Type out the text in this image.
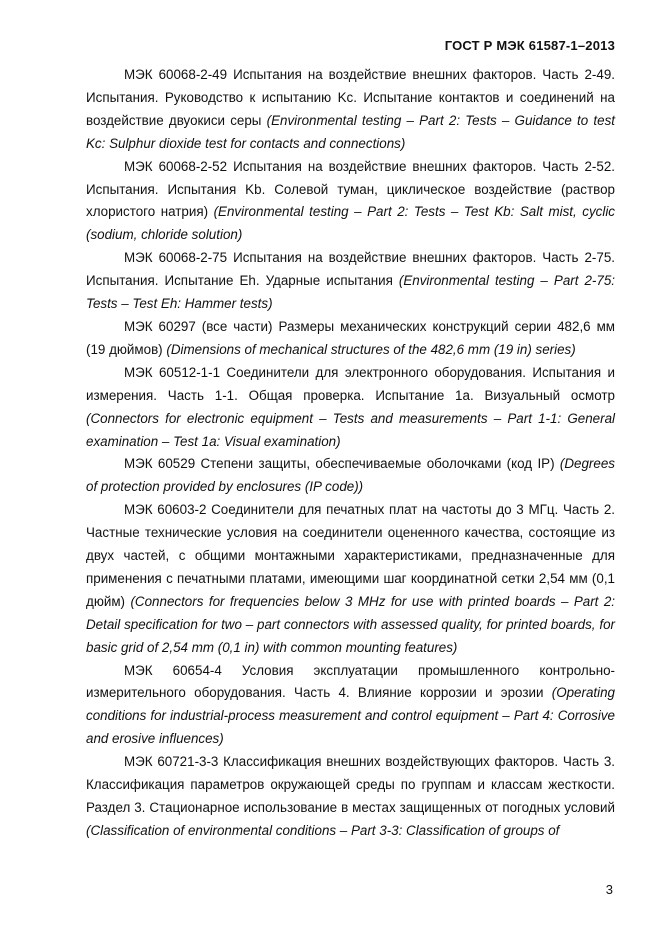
ГОСТ Р МЭК 61587-1–2013

МЭК 60068-2-49 Испытания на воздействие внешних факторов. Часть 2-49. Испытания. Руководство к испытанию Kc. Испытание контактов и соединений на воздействие двуокиси серы (Environmental testing – Part 2: Tests – Guidance to test Kc: Sulphur dioxide test for contacts and connections)

МЭК 60068-2-52 Испытания на воздействие внешних факторов. Часть 2-52. Испытания. Испытания Kb. Солевой туман, циклическое воздействие (раствор хлористого натрия) (Environmental testing – Part 2: Tests – Test Kb: Salt mist, cyclic (sodium, chloride solution)

МЭК 60068-2-75 Испытания на воздействие внешних факторов. Часть 2-75. Испытания. Испытание Eh. Ударные испытания (Environmental testing – Part 2-75: Tests – Test Eh: Hammer tests)

МЭК 60297 (все части) Размеры механических конструкций серии 482,6 мм (19 дюймов) (Dimensions of mechanical structures of the 482,6 mm (19 in) series)

МЭК 60512-1-1 Соединители для электронного оборудования. Испытания и измерения. Часть 1-1. Общая проверка. Испытание 1a. Визуальный осмотр (Connectors for electronic equipment – Tests and measurements – Part 1-1: General examination – Test 1a: Visual examination)

МЭК 60529 Степени защиты, обеспечиваемые оболочками (код IP) (Degrees of protection provided by enclosures (IP code))

МЭК 60603-2 Соединители для печатных плат на частоты до 3 МГц. Часть 2. Частные технические условия на соединители оцененного качества, состоящие из двух частей, с общими монтажными характеристиками, предназначенные для применения с печатными платами, имеющими шаг координатной сетки 2,54 мм (0,1 дюйм) (Connectors for frequencies below 3 MHz for use with printed boards – Part 2: Detail specification for two – part connectors with assessed quality, for printed boards, for basic grid of 2,54 mm (0,1 in) with common mounting features)

МЭК 60654-4 Условия эксплуатации промышленного контрольно-измерительного оборудования. Часть 4. Влияние коррозии и эрозии (Operating conditions for industrial-process measurement and control equipment – Part 4: Corrosive and erosive influences)

МЭК 60721-3-3 Классификация внешних воздействующих факторов. Часть 3. Классификация параметров окружающей среды по группам и классам жесткости. Раздел 3. Стационарное использование в местах защищенных от погодных условий (Classification of environmental conditions – Part 3-3: Classification of groups of

3
